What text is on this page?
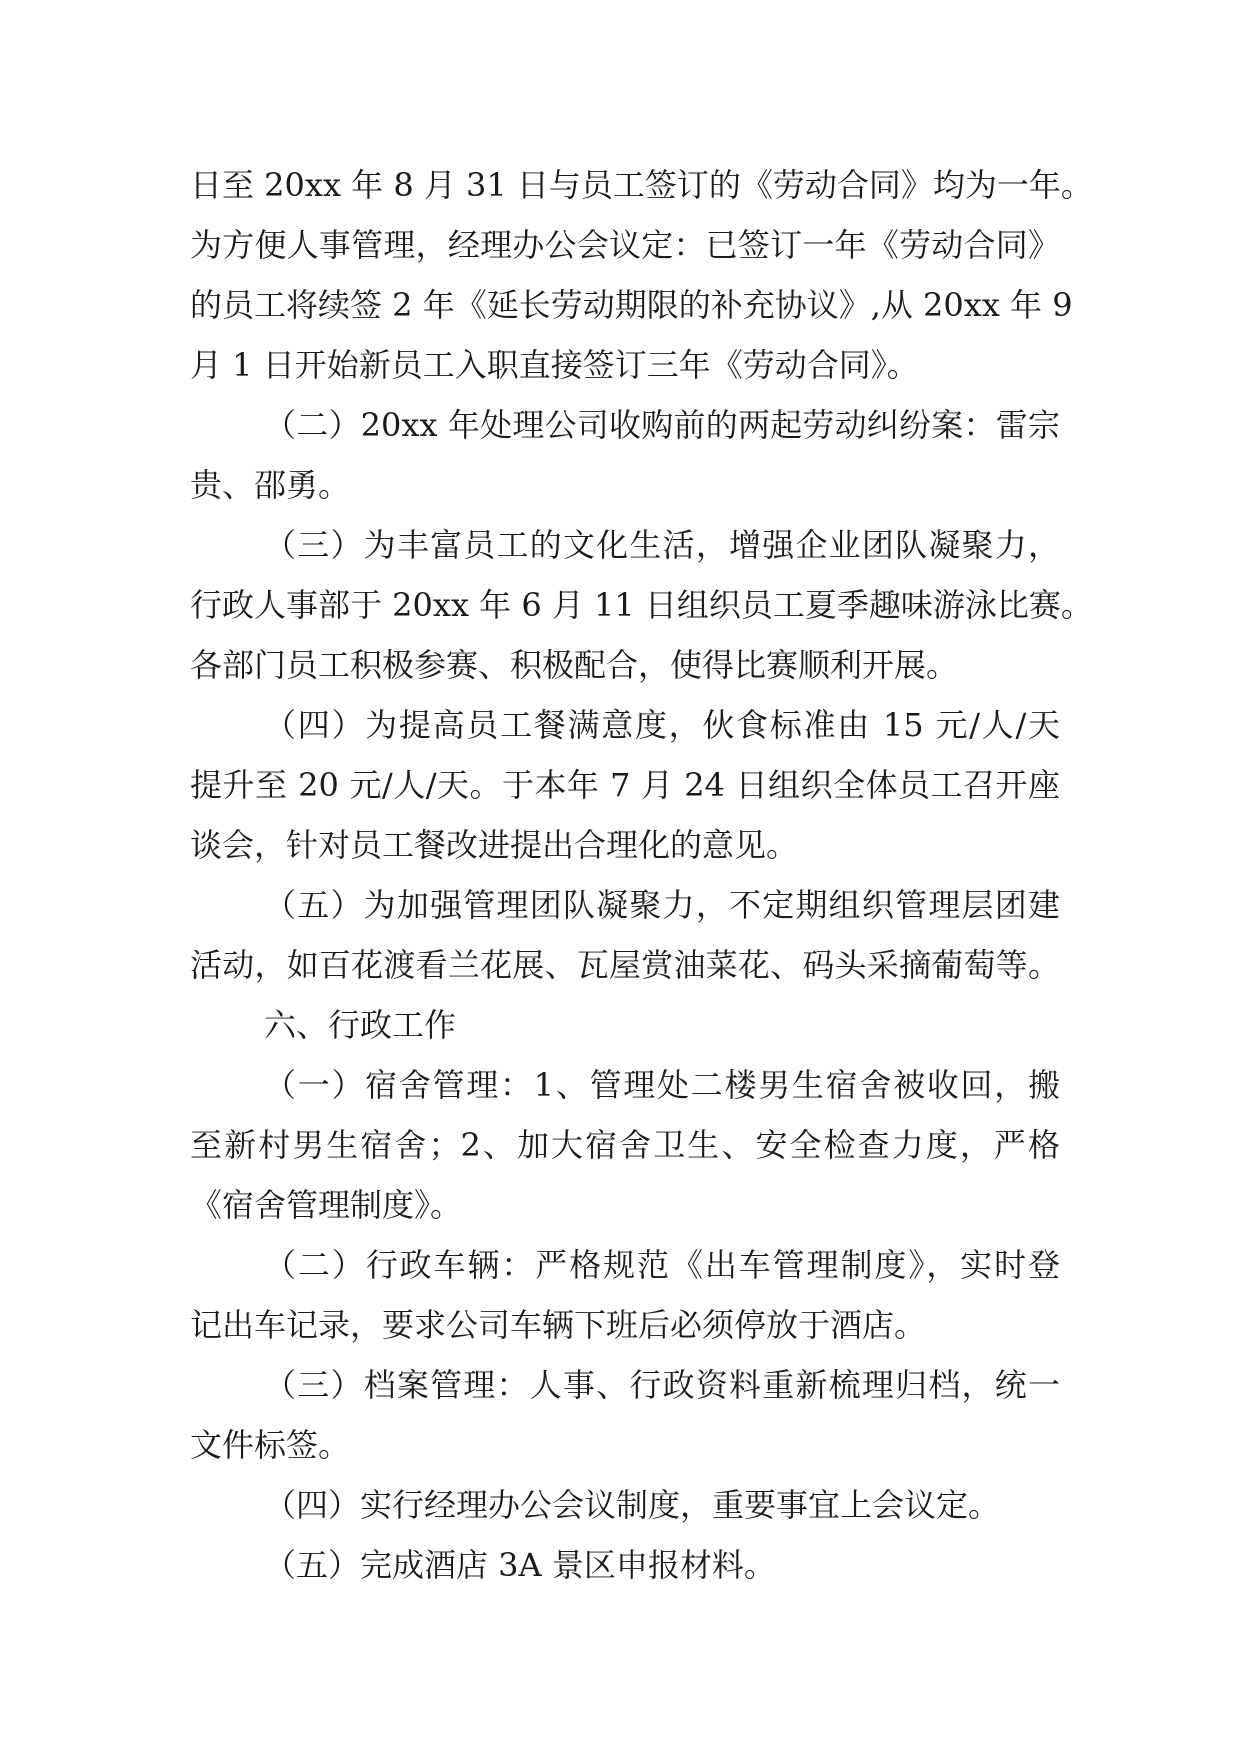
日至 20xx 年 8 月 31 日与员工签订的《劳动合同》均为一年。
为方便人事管理，经理办公会议定：已签订一年《劳动合同》
的员工将续签 2 年《延长劳动期限的补充协议》,从 20xx 年 9
月 1 日开始新员工入职直接签订三年《劳动合同》。
（二）20xx 年处理公司收购前的两起劳动纠纷案：雷宗
贵、邵勇。
（三）为丰富员工的文化生活，增强企业团队凝聚力，
行政人事部于 20xx 年 6 月 11 日组织员工夏季趣味游泳比赛。
各部门员工积极参赛、积极配合，使得比赛顺利开展。
（四）为提高员工餐满意度，伙食标准由 15 元/人/天
提升至 20 元/人/天。于本年 7 月 24 日组织全体员工召开座
谈会，针对员工餐改进提出合理化的意见。
（五）为加强管理团队凝聚力，不定期组织管理层团建
活动，如百花渡看兰花展、瓦屋赏油菜花、码头采摘葡萄等。
六、行政工作
（一）宿舍管理：1、管理处二楼男生宿舍被收回，搬
至新村男生宿舍；2、加大宿舍卫生、安全检查力度，严格
《宿舍管理制度》。
（二）行政车辆：严格规范《出车管理制度》，实时登
记出车记录，要求公司车辆下班后必须停放于酒店。
（三）档案管理：人事、行政资料重新梳理归档，统一
文件标签。
（四）实行经理办公会议制度，重要事宜上会议定。
（五）完成酒店 3A 景区申报材料。
